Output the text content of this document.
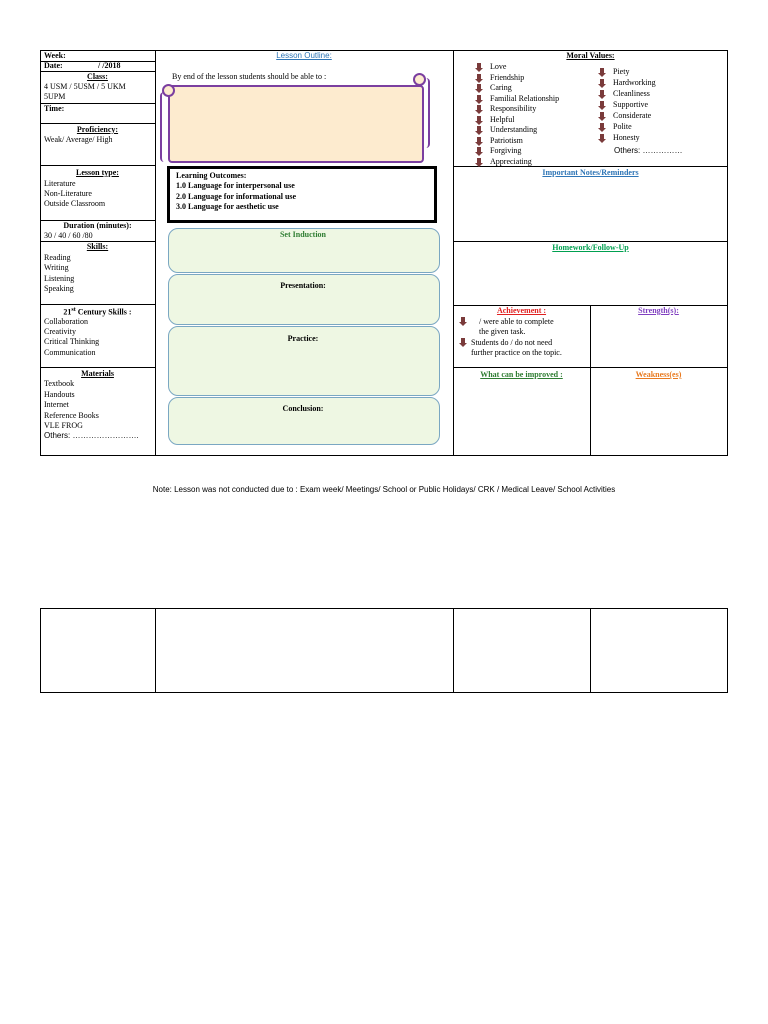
Week:
Date:	/ /2018
Class:
4 USM / 5USM / 5 UKM
5UPM
Time:
Proficiency:
Weak/ Average/ High
Lesson type:
Literature
Non-Literature
Outside Classroom
Duration (minutes):
30 / 40 / 60 /80
Skills:
Reading
Writing
Listening
Speaking
21st Century Skills :
Collaboration
Creativity
Critical Thinking
Communication
Materials
Textbook
Handouts
Internet
Reference Books
VLE FROG
Others: …………………….
Lesson Outline:
By end of the lesson students should be able to :
Learning Outcomes:
1.0 Language for interpersonal use
2.0 Language for informational use
3.0 Language for aesthetic use
Set Induction
Presentation:
Practice:
Conclusion:
Moral Values:
Love
Friendship
Caring
Familial Relationship
Responsibility
Helpful
Understanding
Patriotism
Forgiving
Appreciating
Piety
Hardworking
Cleanliness
Supportive
Considerate
Polite
Honesty
Others: ……………
Important Notes/Reminders
Homework/Follow-Up
Achievement :
/ were able to complete
the given task.
Students do / do not need
further practice on the topic.
Strength(s):
What can be improved :	Weakness(es)
Note: Lesson was not conducted due to : Exam week/ Meetings/ School or Public Holidays/ CRK / Medical Leave/ School Activities
